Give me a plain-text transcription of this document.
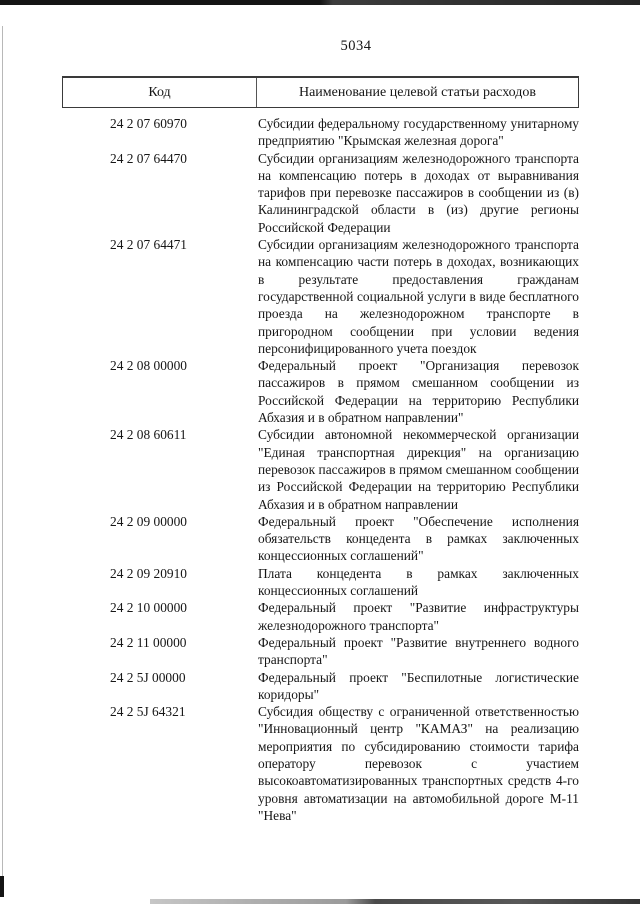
5034
Код	Наименование целевой статьи расходов
24 2 07 60970	Субсидии федеральному государственному унитарному предприятию "Крымская железная дорога"
24 2 07 64470	Субсидии организациям железнодорожного транспорта на компенсацию потерь в доходах от выравнивания тарифов при перевозке пассажиров в сообщении из (в) Калининградской области в (из) другие регионы Российской Федерации
24 2 07 64471	Субсидии организациям железнодорожного транспорта на компенсацию части потерь в доходах, возникающих в результате предоставления гражданам государственной социальной услуги в виде бесплатного проезда на железнодорожном транспорте в пригородном сообщении при условии ведения персонифицированного учета поездок
24 2 08 00000	Федеральный проект "Организация перевозок пассажиров в прямом смешанном сообщении из Российской Федерации на территорию Республики Абхазия и в обратном направлении"
24 2 08 60611	Субсидии автономной некоммерческой организации "Единая транспортная дирекция" на организацию перевозок пассажиров в прямом смешанном сообщении из Российской Федерации на территорию Республики Абхазия и в обратном направлении
24 2 09 00000	Федеральный проект "Обеспечение исполнения обязательств концедента в рамках заключенных концессионных соглашений"
24 2 09 20910	Плата концедента в рамках заключенных концессионных соглашений
24 2 10 00000	Федеральный проект "Развитие инфраструктуры железнодорожного транспорта"
24 2 11 00000	Федеральный проект "Развитие внутреннего водного транспорта"
24 2 5J 00000	Федеральный проект "Беспилотные логистические коридоры"
24 2 5J 64321	Субсидия обществу с ограниченной ответственностью "Инновационный центр "КАМАЗ" на реализацию мероприятия по субсидированию стоимости тарифа оператору перевозок с участием высокоавтоматизированных транспортных средств 4-го уровня автоматизации на автомобильной дороге М-11 "Нева"
